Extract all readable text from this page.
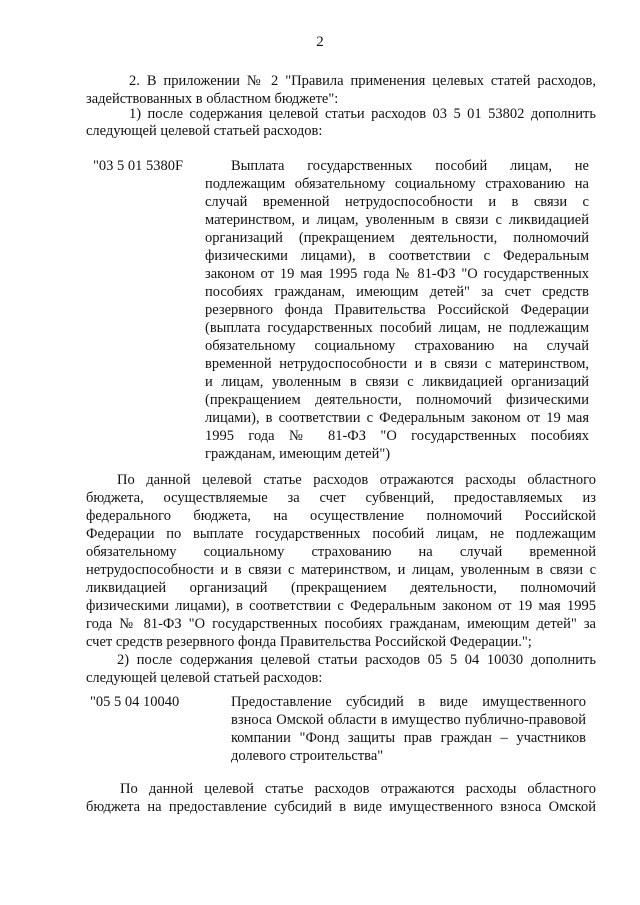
2
2. В приложении № 2 "Правила применения целевых статей расходов,
задействованных в областном бюджете":
1) после содержания целевой статьи расходов 03 5 01 53802 дополнить
следующей целевой статьей расходов:
"03 5 01 5380F	Выплата государственных пособий лицам, не
подлежащим обязательному социальному страхованию на
случай временной нетрудоспособности и в связи с
материнством, и лицам, уволенным в связи с ликвидацией
организаций (прекращением деятельности, полномочий
физическими лицами), в соответствии с Федеральным
законом от 19 мая 1995 года № 81-ФЗ "О государственных
пособиях гражданам, имеющим детей" за счет средств
резервного фонда Правительства Российской Федерации
(выплата государственных пособий лицам, не подлежащим
обязательному социальному страхованию на случай
временной нетрудоспособности и в связи с материнством,
и лицам, уволенным в связи с ликвидацией организаций
(прекращением деятельности, полномочий физическими
лицами), в соответствии с Федеральным законом от 19 мая
1995 года № 81-ФЗ "О государственных пособиях
гражданам, имеющим детей")
По данной целевой статье расходов отражаются расходы областного
бюджета, осуществляемые за счет субвенций, предоставляемых из
федерального бюджета, на осуществление полномочий Российской
Федерации по выплате государственных пособий лицам, не подлежащим
обязательному социальному страхованию на случай временной
нетрудоспособности и в связи с материнством, и лицам, уволенным в связи с
ликвидацией организаций (прекращением деятельности, полномочий
физическими лицами), в соответствии с Федеральным законом от 19 мая 1995
года № 81-ФЗ "О государственных пособиях гражданам, имеющим детей" за
счет средств резервного фонда Правительства Российской Федерации.";
2) после содержания целевой статьи расходов 05 5 04 10030 дополнить
следующей целевой статьей расходов:
"05 5 04 10040	Предоставление субсидий в виде имущественного
взноса Омской области в имущество публично-правовой
компании "Фонд защиты прав граждан – участников
долевого строительства"
По данной целевой статье расходов отражаются расходы областного
бюджета на предоставление субсидий в виде имущественного взноса Омской
